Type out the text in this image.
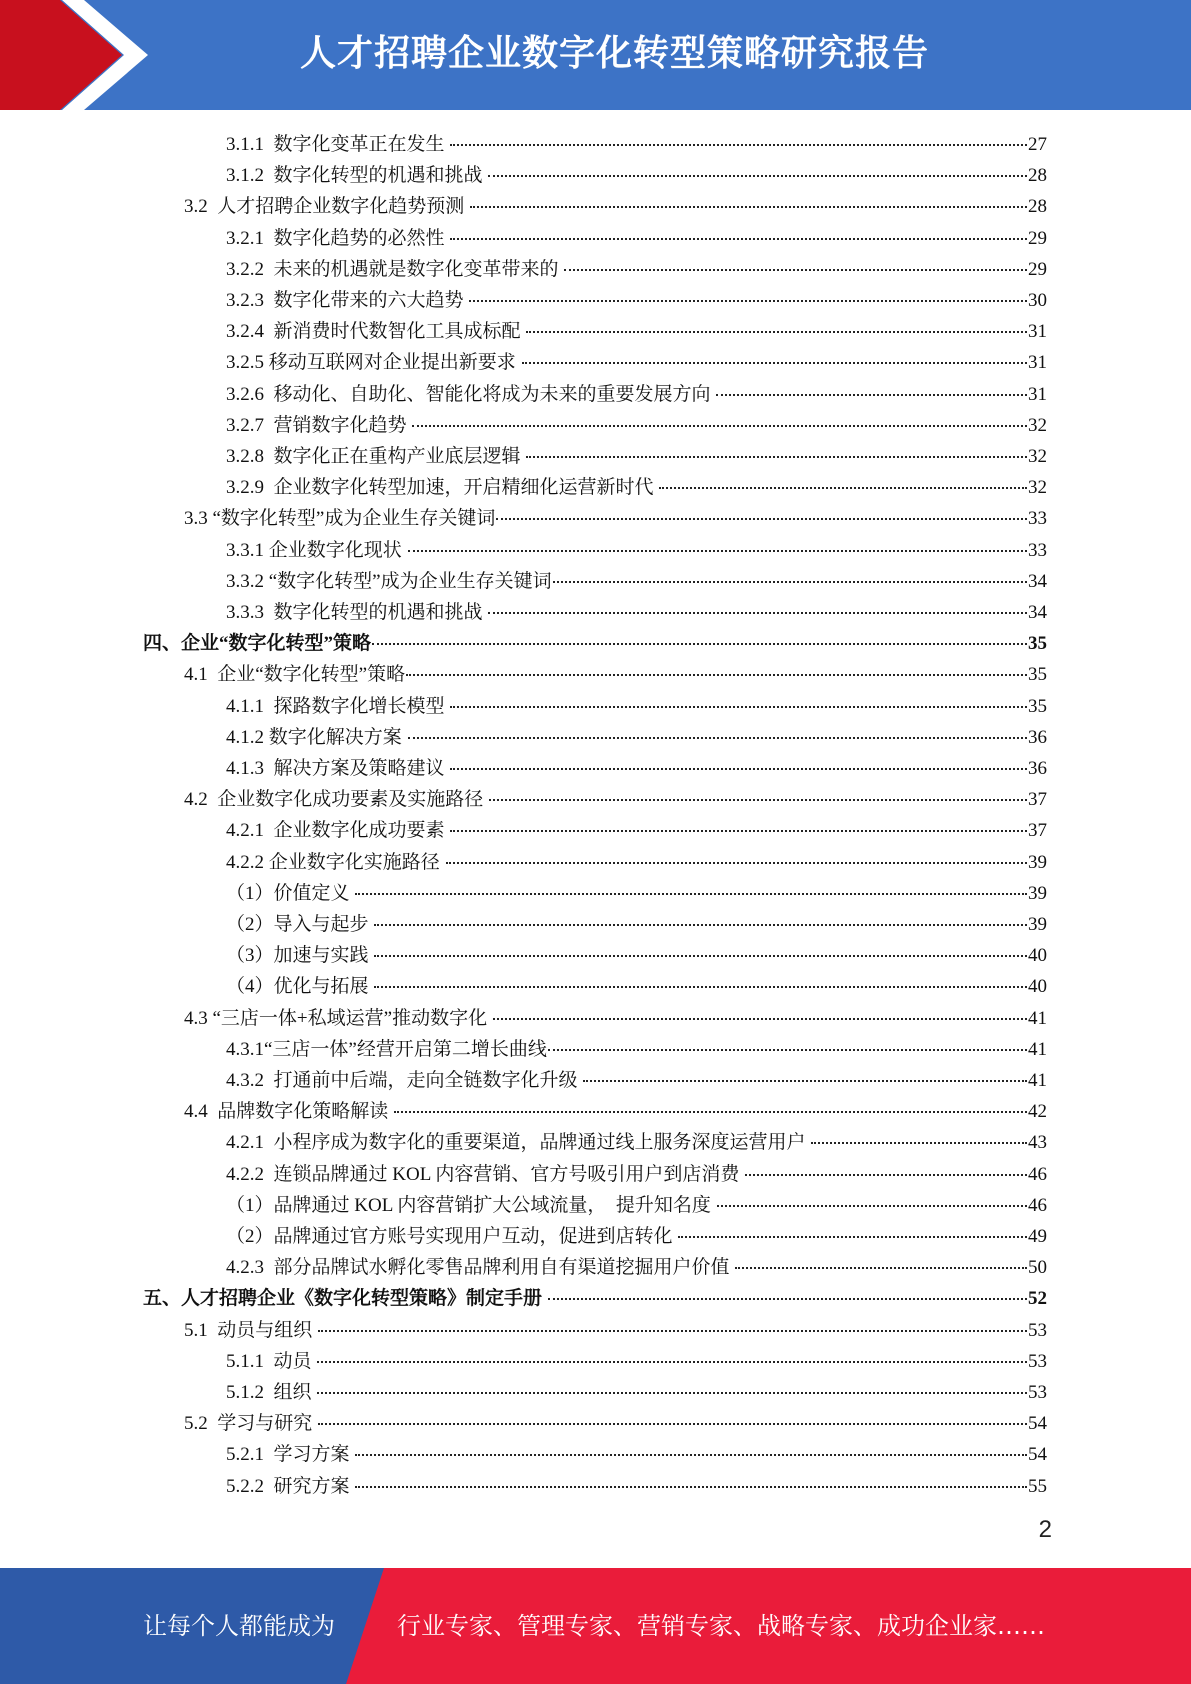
人才招聘企业数字化转型策略研究报告
3.1.1  数字化变革正在发生	27
3.1.2  数字化转型的机遇和挑战	28
3.2  人才招聘企业数字化趋势预测	28
3.2.1  数字化趋势的必然性	29
3.2.2  未来的机遇就是数字化变革带来的	29
3.2.3  数字化带来的六大趋势	30
3.2.4  新消费时代数智化工具成标配	31
3.2.5 移动互联网对企业提出新要求	31
3.2.6  移动化、自助化、智能化将成为未来的重要发展方向	31
3.2.7  营销数字化趋势	32
3.2.8  数字化正在重构产业底层逻辑	32
3.2.9  企业数字化转型加速，开启精细化运营新时代	32
3.3 “数字化转型”成为企业生存关键词	33
3.3.1 企业数字化现状	33
3.3.2 “数字化转型”成为企业生存关键词	34
3.3.3  数字化转型的机遇和挑战	34
四、企业“数字化转型”策略	35
4.1  企业“数字化转型”策略	35
4.1.1  探路数字化增长模型	35
4.1.2 数字化解决方案	36
4.1.3  解决方案及策略建议	36
4.2  企业数字化成功要素及实施路径	37
4.2.1  企业数字化成功要素	37
4.2.2 企业数字化实施路径	39
（1）价值定义	39
（2）导入与起步	39
（3）加速与实践	40
（4）优化与拓展	40
4.3 “三店一体+私域运营”推动数字化	41
4.3.1“三店一体”经营开启第二增长曲线	41
4.3.2  打通前中后端，走向全链数字化升级	41
4.4  品牌数字化策略解读	42
4.2.1  小程序成为数字化的重要渠道，品牌通过线上服务深度运营用户	43
4.2.2  连锁品牌通过 KOL 内容营销、官方号吸引用户到店消费	46
（1）品牌通过 KOL 内容营销扩大公域流量，  提升知名度	46
（2）品牌通过官方账号实现用户互动，促进到店转化	49
4.2.3  部分品牌试水孵化零售品牌利用自有渠道挖掘用户价值	50
五、人才招聘企业《数字化转型策略》制定手册	52
5.1  动员与组织	53
5.1.1  动员	53
5.1.2  组织	53
5.2  学习与研究	54
5.2.1  学习方案	54
5.2.2  研究方案	55
2
让每个人都能成为	行业专家、管理专家、营销专家、战略专家、成功企业家……
